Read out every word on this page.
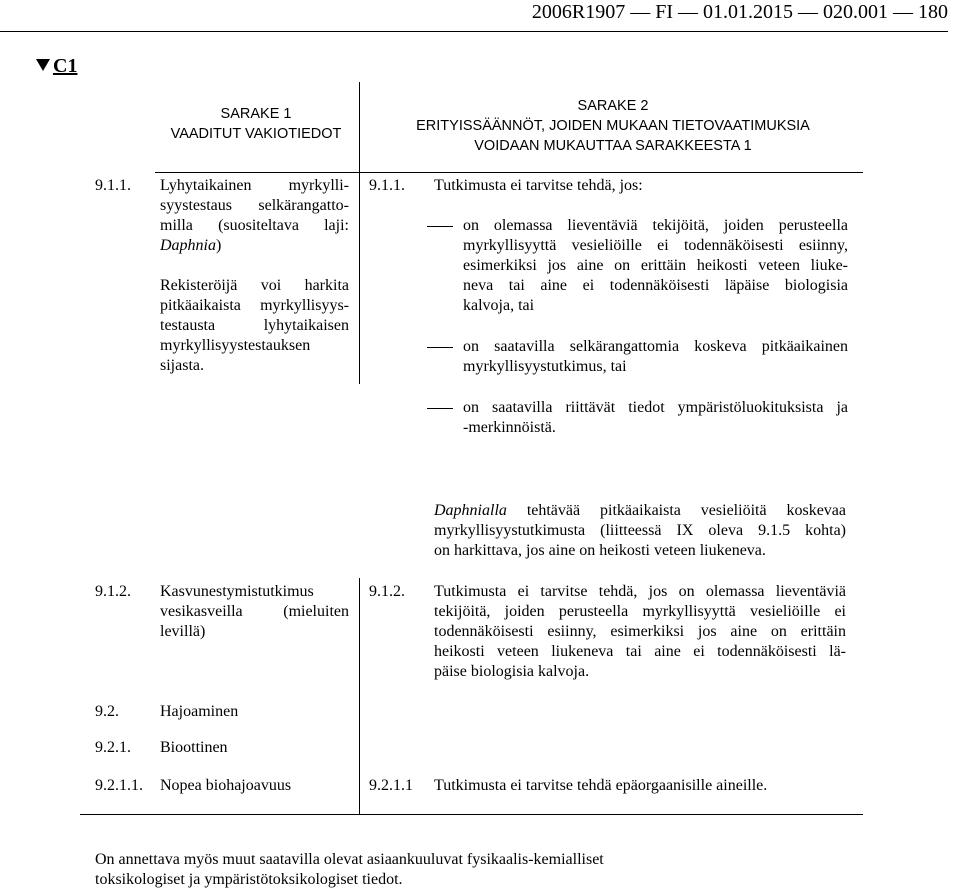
2006R1907 — FI — 01.01.2015 — 020.001 — 180
C1
SARAKE 1
VAADITUT VAKIOTIEDOT
SARAKE 2
ERITYISSÄÄNNÖT, JOIDEN MUKAAN TIETOVAATIMUKSIA
VOIDAAN MUKAUTTAA SARAKKEESTA 1
9.1.1. Lyhytaikainen myrkylli-
syystestaus selkärangatto-
milla (suositeltava laji:
Daphnia)
Rekisteröijä voi harkita
pitkäaikaista myrkyllisyys-
testausta lyhytaikaisen
myrkyllisyystestauksen
sijasta.
9.1.1. Tutkimusta ei tarvitse tehdä, jos:
on olemassa lieventäviä tekijöitä, joiden perusteella
myrkyllisyyttä vesieliöille ei todennäköisesti esiinny,
esimerkiksi jos aine on erittäin heikosti veteen liuke-
neva tai aine ei todennäköisesti läpäise biologisia
kalvoja, tai
on saatavilla selkärangattomia koskeva pitkäaikainen
myrkyllisyystutkimus, tai
on saatavilla riittävät tiedot ympäristöluokituksista ja
-merkinnöistä.
Daphnialla tehtävää pitkäaikaista vesieliöitä koskevaa
myrkyllisyystutkimusta (liitteessä IX oleva 9.1.5 kohta)
on harkittava, jos aine on heikosti veteen liukeneva.
9.1.2. Kasvunestymistutkimus
vesikasveilla (mieluiten
levillä)
9.1.2. Tutkimusta ei tarvitse tehdä, jos on olemassa lieventäviä
tekijöitä, joiden perusteella myrkyllisyyttä vesieliöille ei
todennäköisesti esiinny, esimerkiksi jos aine on erittäin
heikosti veteen liukeneva tai aine ei todennäköisesti lä-
päise biologisia kalvoja.
9.2.	Hajoaminen
9.2.1. Bioottinen
9.2.1.1. Nopea biohajoavuus	9.2.1.1 Tutkimusta ei tarvitse tehdä epäorgaanisille aineille.
On annettava myös muut saatavilla olevat asiaankuuluvat fysikaalis-kemialliset
toksikologiset ja ympäristötoksikologiset tiedot.
